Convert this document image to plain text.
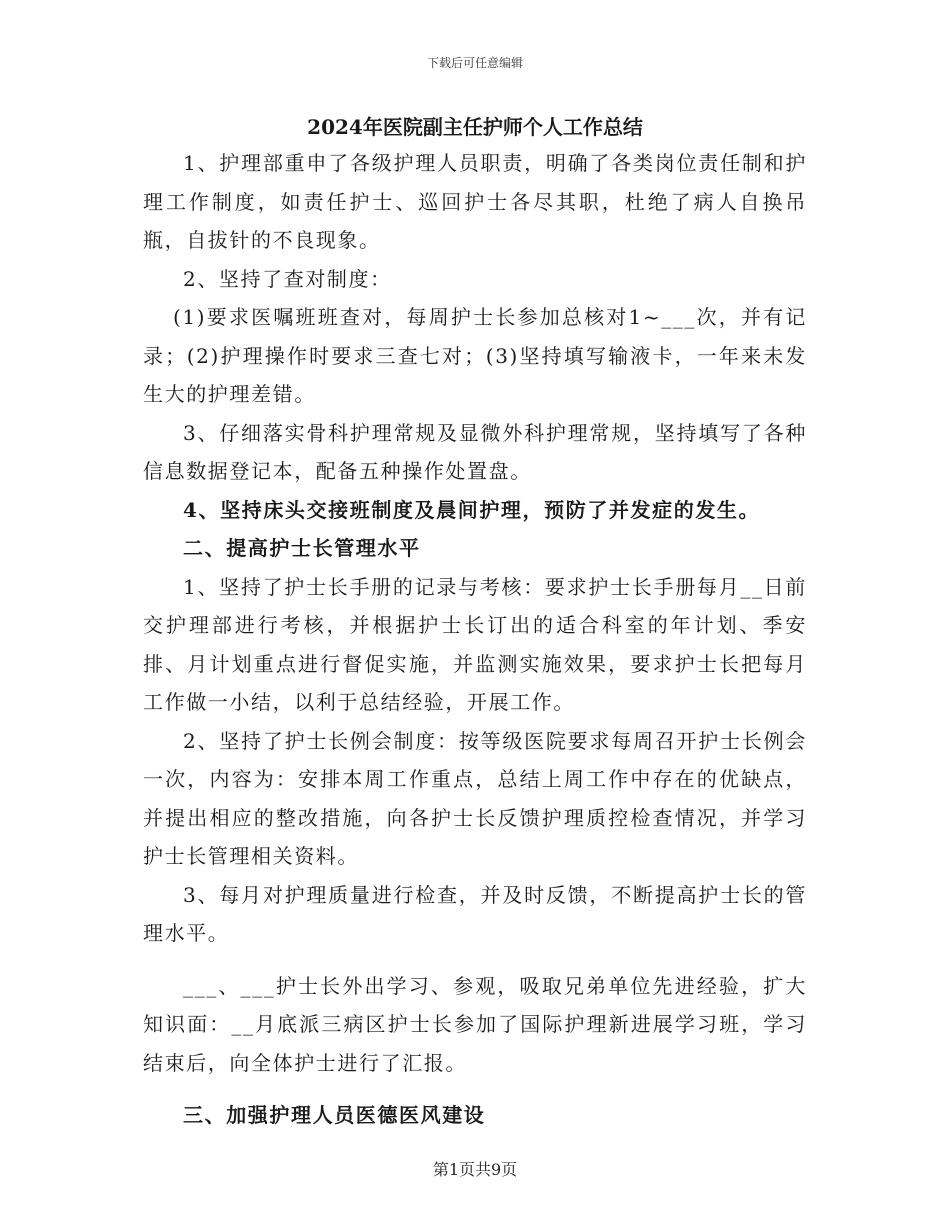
下载后可任意编辑
2024年医院副主任护师个人工作总结

1、护理部重申了各级护理人员职责，明确了各类岗位责任制和护理工作制度，如责任护士、巡回护士各尽其职，杜绝了病人自换吊瓶，自拔针的不良现象。

2、坚持了查对制度：

(1)要求医嘱班班查对，每周护士长参加总核对1~___次，并有记录；(2)护理操作时要求三查七对；(3)坚持填写输液卡，一年来未发生大的护理差错。

3、仔细落实骨科护理常规及显微外科护理常规，坚持填写了各种信息数据登记本，配备五种操作处置盘。

4、坚持床头交接班制度及晨间护理，预防了并发症的发生。

二、提高护士长管理水平

1、坚持了护士长手册的记录与考核：要求护士长手册每月__日前交护理部进行考核，并根据护士长订出的适合科室的年计划、季安排、月计划重点进行督促实施，并监测实施效果，要求护士长把每月工作做一小结，以利于总结经验，开展工作。

2、坚持了护士长例会制度：按等级医院要求每周召开护士长例会一次，内容为：安排本周工作重点，总结上周工作中存在的优缺点，并提出相应的整改措施，向各护士长反馈护理质控检查情况，并学习护士长管理相关资料。

3、每月对护理质量进行检查，并及时反馈，不断提高护士长的管理水平。

___、___护士长外出学习、参观，吸取兄弟单位先进经验，扩大知识面：__月底派三病区护士长参加了国际护理新进展学习班，学习结束后，向全体护士进行了汇报。

三、加强护理人员医德医风建设

第1页共9页
